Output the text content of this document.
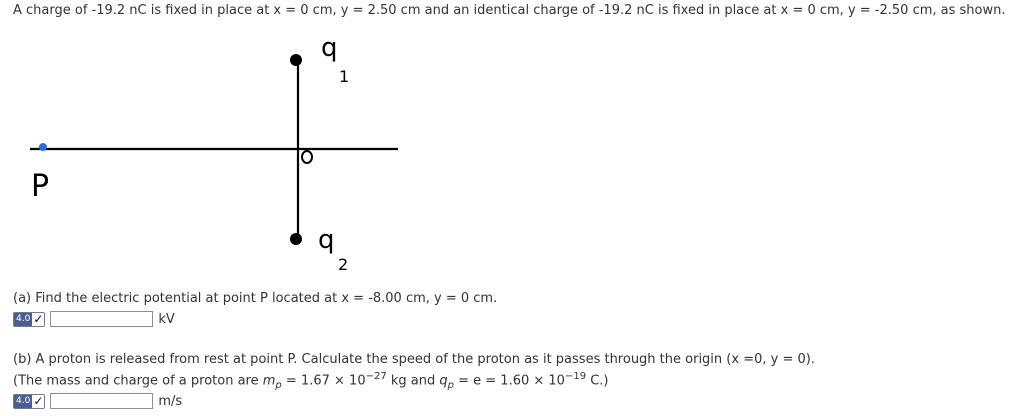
A charge of -19.2 nC is fixed in place at x = 0 cm, y = 2.50 cm and an identical charge of -19.2 nC is fixed in place at x = 0 cm, y = -2.50 cm, as shown.
q
1
q
2
P
(a) Find the electric potential at point P located at x = -8.00 cm, y = 0 cm.
4.0 ✓	kV
(b) A proton is released from rest at point P. Calculate the speed of the proton as it passes through the origin (x =0, y = 0).
(The mass and charge of a proton are $m_p = 1.67 \times 10^{-27}$ kg and $q_p = e = 1.60 \times 10^{-19}$ C.)
4.0 ✓	m/s
